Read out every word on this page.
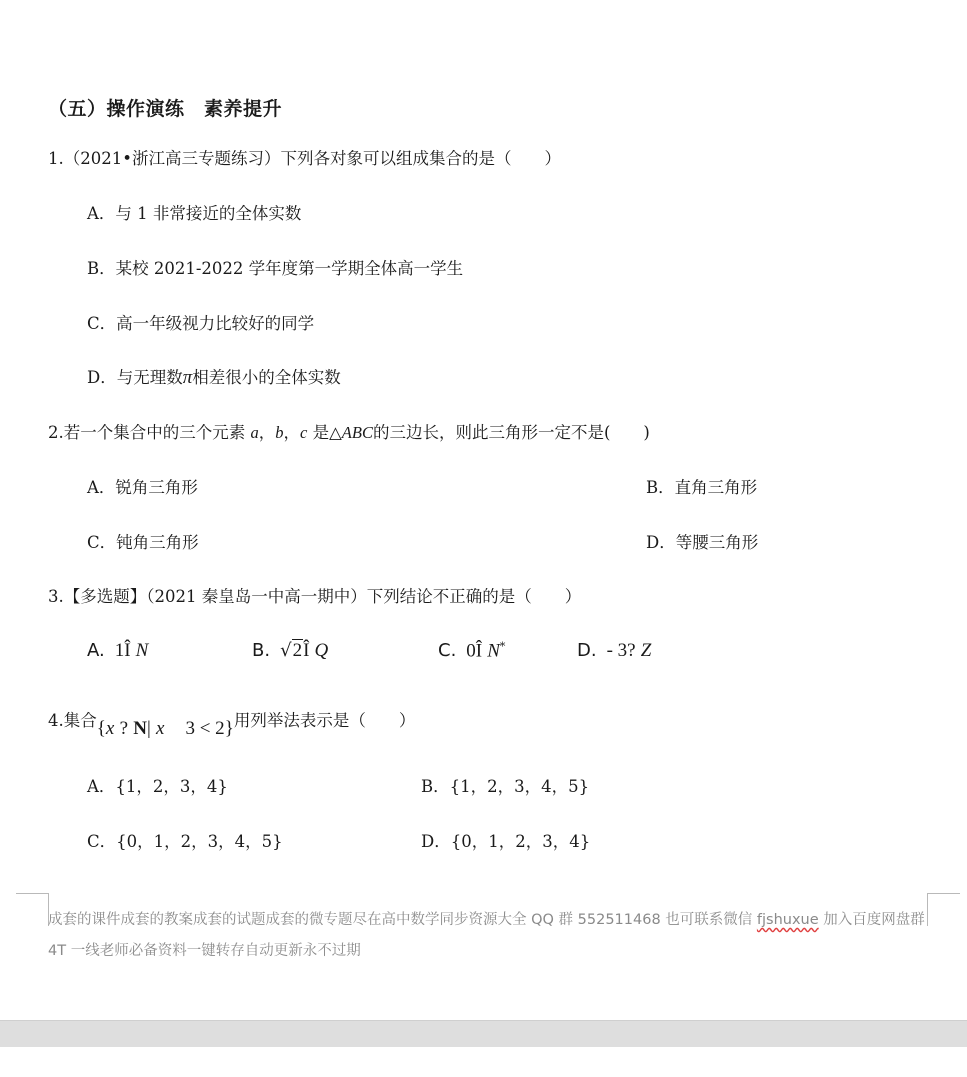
（五）操作演练　素养提升
1.（2021•浙江高三专题练习）下列各对象可以组成集合的是（　　）
A．与 1 非常接近的全体实数
B．某校 2021-2022 学年度第一学期全体高一学生
C．高一年级视力比较好的同学
D．与无理数π相差很小的全体实数
2.若一个集合中的三个元素 a，b，c 是△ABC的三边长，则此三角形一定不是(　　)
A．锐角三角形	B．直角三角形
C．钝角三角形	D．等腰三角形
3.【多选题】（2021 秦皇岛一中高一期中）下列结论不正确的是（　　）
A. 1Î N	B. √2Î Q	C. 0Î N*	D. - 3? Z
4.集合{x ? N| x 3 < 2}用列举法表示是（　　）
A．{1，2，3，4}	B．{1，2，3，4，5}
C．{0，1，2，3，4，5}	D．{0，1，2，3，4}
成套的课件成套的教案成套的试题成套的微专题尽在高中数学同步资源大全 QQ 群 552511468 也可联系微信 fjshuxue 加入百度网盘群 4T 一线老师必备资料一键转存自动更新永不过期
